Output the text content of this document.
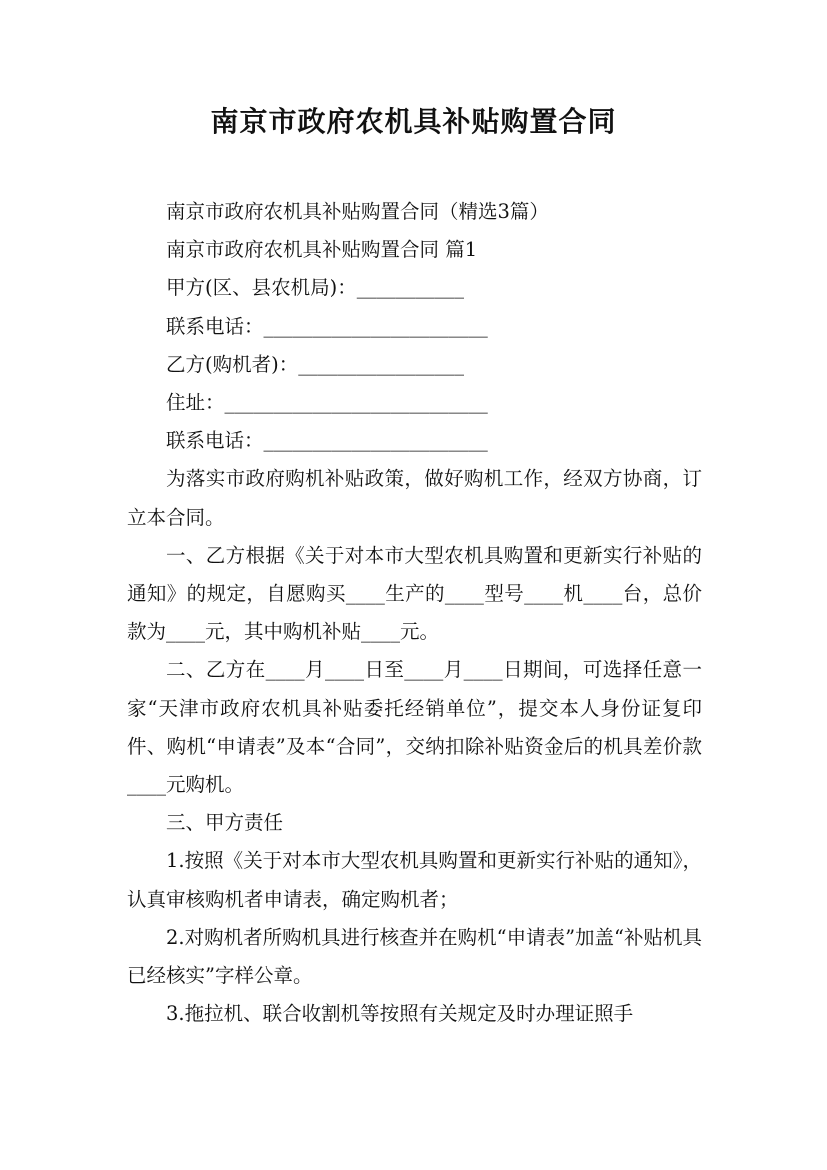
南京市政府农机具补贴购置合同

南京市政府农机具补贴购置合同（精选3篇）

南京市政府农机具补贴购置合同 篇1

甲方(区、县农机局)：___________

联系电话：_______________________

乙方(购机者)：_________________

住址：___________________________

联系电话：_______________________

为落实市政府购机补贴政策，做好购机工作，经双方协商，订立本合同。

一、乙方根据《关于对本市大型农机具购置和更新实行补贴的通知》的规定，自愿购买____生产的____型号____机____台，总价款为____元，其中购机补贴____元。

二、乙方在____月____日至____月____日期间，可选择任意一家“天津市政府农机具补贴委托经销单位”，提交本人身份证复印件、购机“申请表”及本“合同”，交纳扣除补贴资金后的机具差价款____元购机。

三、甲方责任

1.按照《关于对本市大型农机具购置和更新实行补贴的通知》，认真审核购机者申请表，确定购机者；

2.对购机者所购机具进行核查并在购机“申请表”加盖“补贴机具已经核实”字样公章。

3.拖拉机、联合收割机等按照有关规定及时办理证照手
